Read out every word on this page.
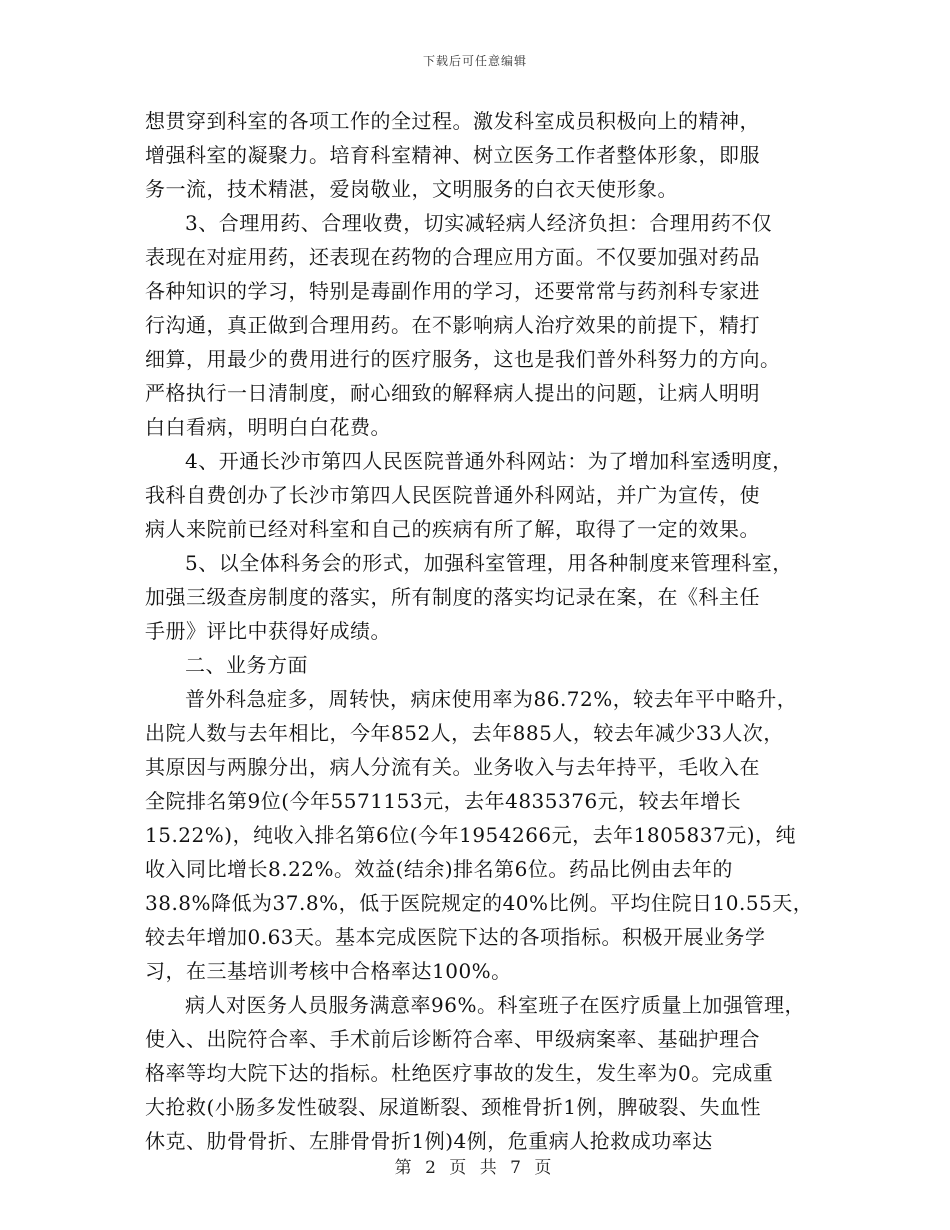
下载后可任意编辑
想贯穿到科室的各项工作的全过程。激发科室成员积极向上的精神，
增强科室的凝聚力。培育科室精神、树立医务工作者整体形象，即服
务一流，技术精湛，爱岗敬业，文明服务的白衣天使形象。
3、合理用药、合理收费，切实减轻病人经济负担：合理用药不仅
表现在对症用药，还表现在药物的合理应用方面。不仅要加强对药品
各种知识的学习，特别是毒副作用的学习，还要常常与药剂科专家进
行沟通，真正做到合理用药。在不影响病人治疗效果的前提下，精打
细算，用最少的费用进行的医疗服务，这也是我们普外科努力的方向。
严格执行一日清制度，耐心细致的解释病人提出的问题，让病人明明
白白看病，明明白白花费。
4、开通长沙市第四人民医院普通外科网站：为了增加科室透明度，
我科自费创办了长沙市第四人民医院普通外科网站，并广为宣传，使
病人来院前已经对科室和自己的疾病有所了解，取得了一定的效果。
5、以全体科务会的形式，加强科室管理，用各种制度来管理科室，
加强三级查房制度的落实，所有制度的落实均记录在案，在《科主任
手册》评比中获得好成绩。
二、业务方面
普外科急症多，周转快，病床使用率为86.72%，较去年平中略升，
出院人数与去年相比，今年852人，去年885人，较去年减少33人次，
其原因与两腺分出，病人分流有关。业务收入与去年持平，毛收入在
全院排名第9位(今年5571153元，去年4835376元，较去年增长
15.22%)，纯收入排名第6位(今年1954266元，去年1805837元)，纯
收入同比增长8.22%。效益(结余)排名第6位。药品比例由去年的
38.8%降低为37.8%，低于医院规定的40%比例。平均住院日10.55天，
较去年增加0.63天。基本完成医院下达的各项指标。积极开展业务学
习，在三基培训考核中合格率达100%。
病人对医务人员服务满意率96%。科室班子在医疗质量上加强管理，
使入、出院符合率、手术前后诊断符合率、甲级病案率、基础护理合
格率等均大院下达的指标。杜绝医疗事故的发生，发生率为0。完成重
大抢救(小肠多发性破裂、尿道断裂、颈椎骨折1例，脾破裂、失血性
休克、肋骨骨折、左腓骨骨折1例)4例，危重病人抢救成功率达
第 2 页 共 7 页
